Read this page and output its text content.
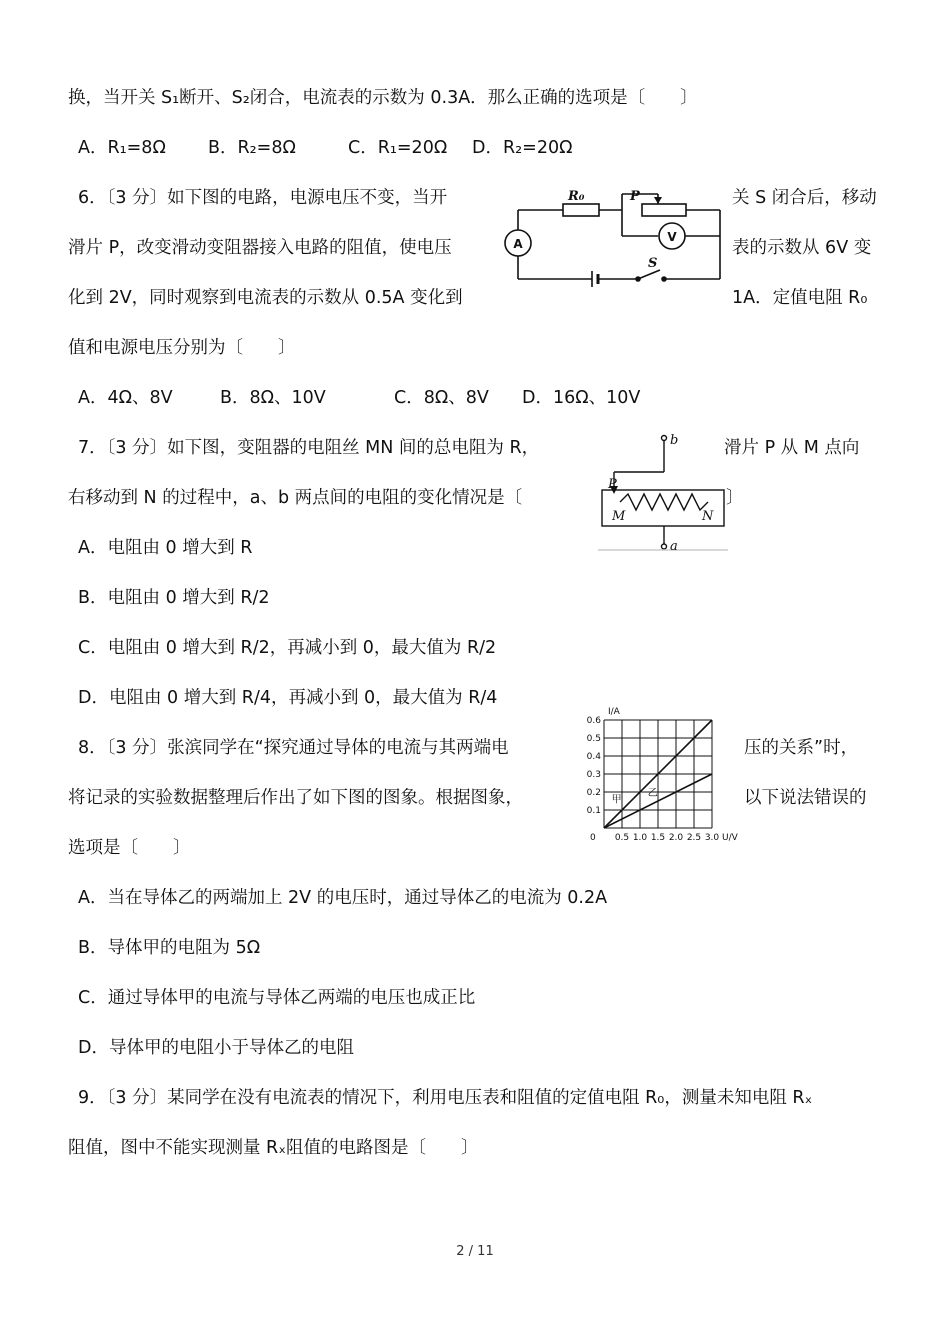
换，当开关 S₁断开、S₂闭合，电流表的示数为 0.3A．那么正确的选项是〔　　〕
A．R₁=8Ω B．R₂=8Ω	C．R₁=20Ω D．R₂=20Ω
6．〔3 分〕如下图的电路，电源电压不变，当开	关 S 闭合后，移动
滑片 P，改变滑动变阻器接入电路的阻值，使电压	表的示数从 6V 变
化到 2V，同时观察到电流表的示数从 0.5A 变化到	1A．定值电阻 R₀
值和电源电压分别为〔　　〕
A．4Ω、8V	B．8Ω、10V	C．8Ω、8V D．16Ω、10V
R₀	P
S
A	V
7．〔3 分〕如下图，变阻器的电阻丝 MN 间的总电阻为 R，	滑片 P 从 M 点向
右移动到 N 的过程中，a、b 两点间的电阻的变化情况是〔	〕
A．电阻由 0 增大到 R
B．电阻由 0 增大到 R/2
C．电阻由 0 增大到 R/2，再减小到 0，最大值为 R/2
D．电阻由 0 增大到 R/4，再减小到 0，最大值为 R/4
b
a
P
M	N
8．〔3 分〕张滨同学在“探究通过导体的电流与其两端电	压的关系”时，
将记录的实验数据整理后作出了如下图的图象。根据图象，	以下说法错误的
选项是〔　　〕
A．当在导体乙的两端加上 2V 的电压时，通过导体乙的电流为 0.2A
B．导体甲的电阻为 5Ω
C．通过导体甲的电流与导体乙两端的电压也成正比
D．导体甲的电阻小于导体乙的电阻
0.5 1.0 1.5 2.0 2.5 3.0
0.1
0.2
0.3
0.4
0.5
0.6
甲
乙
I/A
U/V
0
9．〔3 分〕某同学在没有电流表的情况下，利用电压表和阻值的定值电阻 R₀，测量未知电阻 Rₓ
阻值，图中不能实现测量 Rₓ阻值的电路图是〔　　〕
2 / 11
